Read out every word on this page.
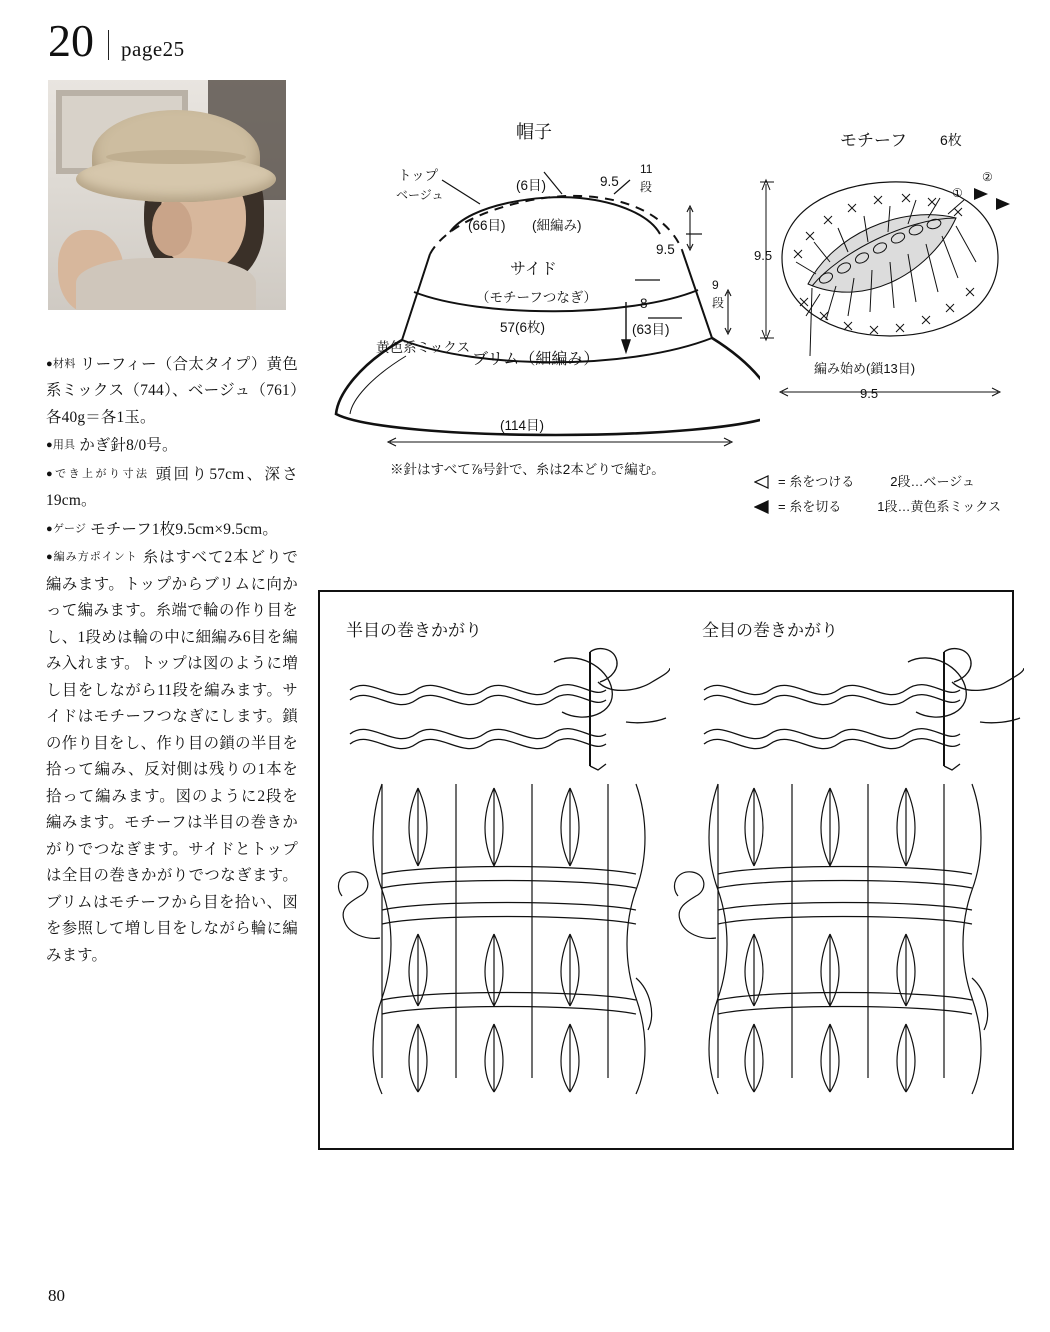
20 page25

●材料 リーフィー（合太タイプ）黄色系ミックス（744）、ベージュ（761）各40g＝各1玉。

●用具 かぎ針8/0号。

●でき上がり寸法 頭回り57cm、深さ19cm。

●ゲージ モチーフ1枚9.5cm×9.5cm。

●編み方ポイント 糸はすべて2本どりで編みます。トップからブリムに向かって編みます。糸端で輪の作り目をし、1段めは輪の中に細編み6目を編み入れます。トップは図のように増し目をしながら11段を編みます。サイドはモチーフつなぎにします。鎖の作り目をし、作り目の鎖の半目を拾って編み、反対側は残りの1本を拾って編みます。図のように2段を編みます。モチーフは半目の巻きかがりでつなぎます。サイドとトップは全目の巻きかがりでつなぎます。ブリムはモチーフから目を拾い、図を参照して増し目をしながら輪に編みます。

帽子	モチーフ 6枚
トップ
ベージュ
(6目)	9.5
11
段
(66目) (細編み)
9.5
サイド
（モチーフつなぎ）
57(6枚)
8
9
段
(63目)
黄色系ミックス
ブリム（細編み）
(114目)
※針はすべて⅞号針で、糸は2本どりで編む。
9.5
9.5
編み始め(鎖13目)
②
①
= 糸をつける	2段…ベージュ
= 糸を切る	1段…黄色系ミックス
半目の巻きかがり	全目の巻きかがり
80
